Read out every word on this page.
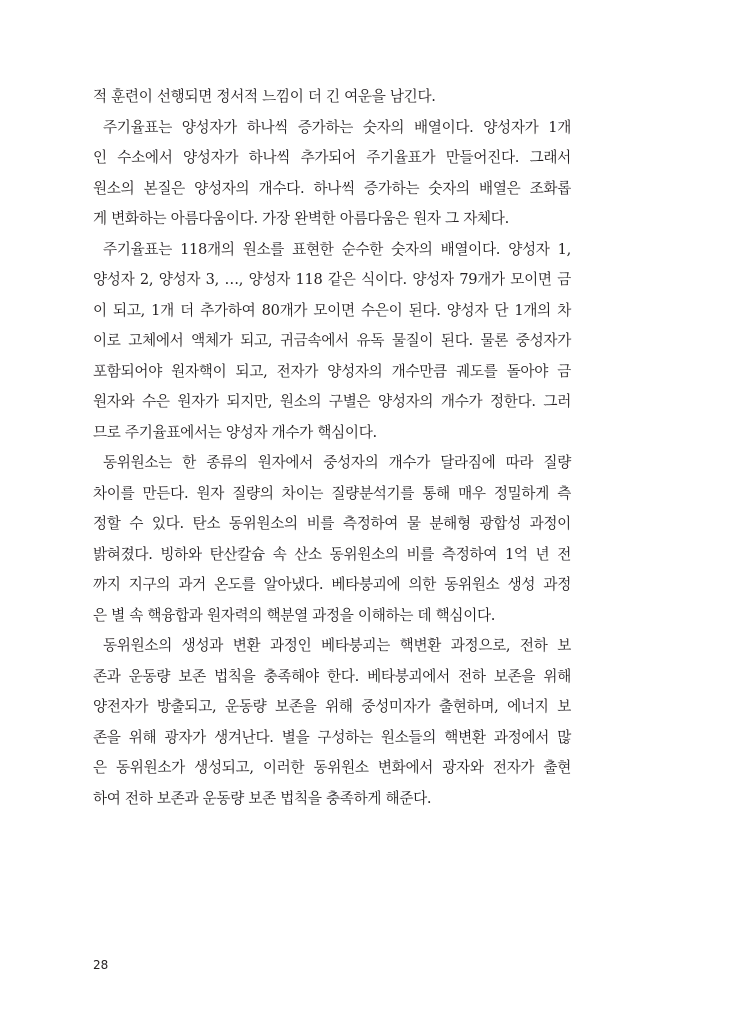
적 훈련이 선행되면 정서적 느낌이 더 긴 여운을 남긴다.
주기율표는 양성자가 하나씩 증가하는 숫자의 배열이다. 양성자가 1개
인 수소에서 양성자가 하나씩 추가되어 주기율표가 만들어진다. 그래서
원소의 본질은 양성자의 개수다. 하나씩 증가하는 숫자의 배열은 조화롭
게 변화하는 아름다움이다. 가장 완벽한 아름다움은 원자 그 자체다.
주기율표는 118개의 원소를 표현한 순수한 숫자의 배열이다. 양성자 1,
양성자 2, 양성자 3, …, 양성자 118 같은 식이다. 양성자 79개가 모이면 금
이 되고, 1개 더 추가하여 80개가 모이면 수은이 된다. 양성자 단 1개의 차
이로 고체에서 액체가 되고, 귀금속에서 유독 물질이 된다. 물론 중성자가
포함되어야 원자핵이 되고, 전자가 양성자의 개수만큼 궤도를 돌아야 금
원자와 수은 원자가 되지만, 원소의 구별은 양성자의 개수가 정한다. 그러
므로 주기율표에서는 양성자 개수가 핵심이다.
동위원소는 한 종류의 원자에서 중성자의 개수가 달라짐에 따라 질량
차이를 만든다. 원자 질량의 차이는 질량분석기를 통해 매우 정밀하게 측
정할 수 있다. 탄소 동위원소의 비를 측정하여 물 분해형 광합성 과정이
밝혀졌다. 빙하와 탄산칼슘 속 산소 동위원소의 비를 측정하여 1억 년 전
까지 지구의 과거 온도를 알아냈다. 베타붕괴에 의한 동위원소 생성 과정
은 별 속 핵융합과 원자력의 핵분열 과정을 이해하는 데 핵심이다.
동위원소의 생성과 변환 과정인 베타붕괴는 핵변환 과정으로, 전하 보
존과 운동량 보존 법칙을 충족해야 한다. 베타붕괴에서 전하 보존을 위해
양전자가 방출되고, 운동량 보존을 위해 중성미자가 출현하며, 에너지 보
존을 위해 광자가 생겨난다. 별을 구성하는 원소들의 핵변환 과정에서 많
은 동위원소가 생성되고, 이러한 동위원소 변화에서 광자와 전자가 출현
하여 전하 보존과 운동량 보존 법칙을 충족하게 해준다.
28
